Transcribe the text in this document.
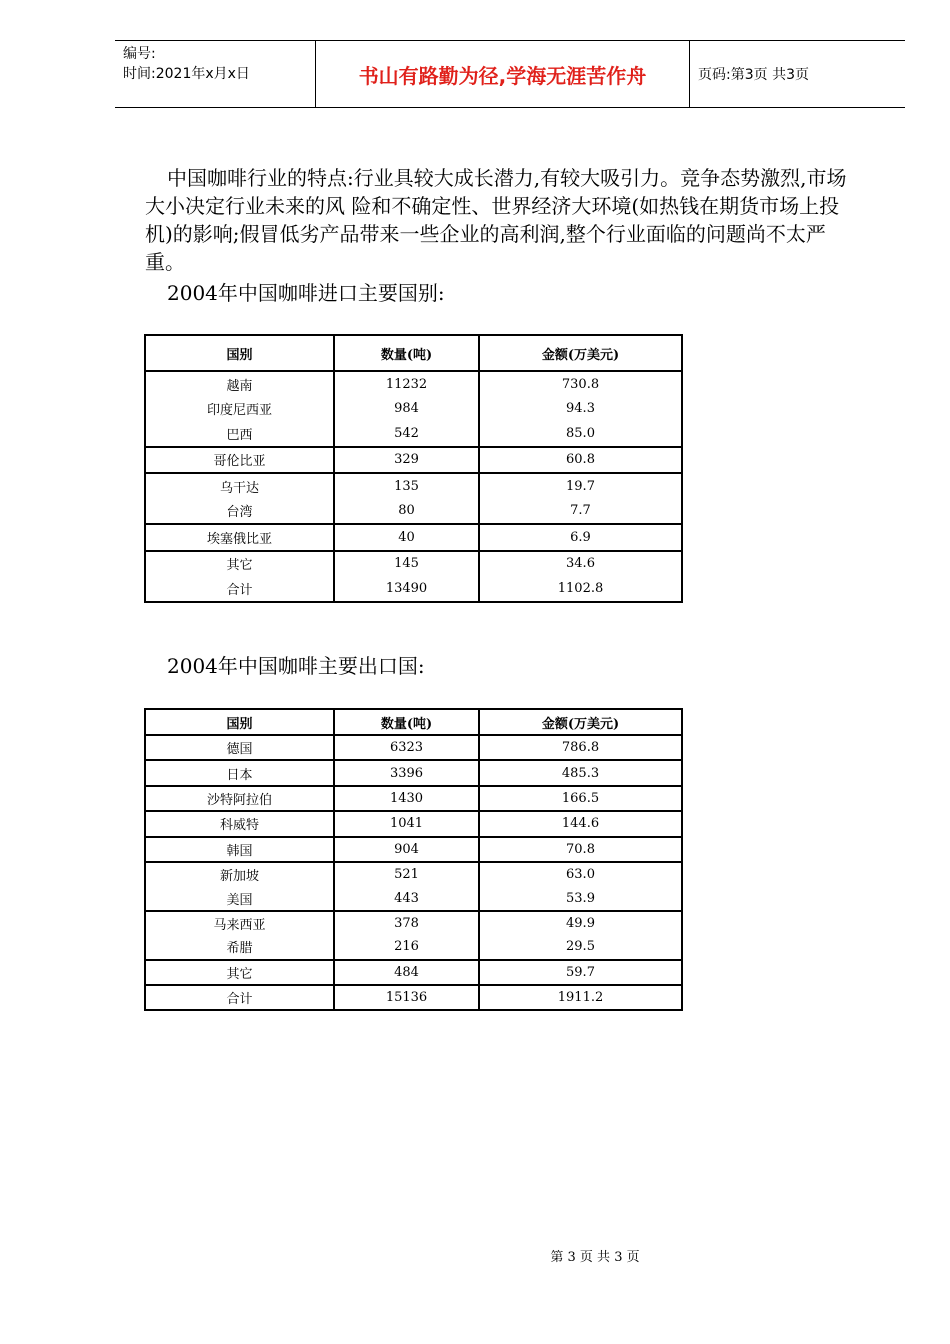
编号:
时间:2021年x月x日	书山有路勤为径,学海无涯苦作舟	页码:第3页 共3页
中国咖啡行业的特点:行业具较大成长潜力,有较大吸引力。竞争态势激烈,市场大小决定行业未来的风 险和不确定性、世界经济大环境(如热钱在期货市场上投机)的影响;假冒低劣产品带来一些企业的高利润,整个行业面临的问题尚不太严重。
2004年中国咖啡进口主要国别:
国别	数量(吨)	金额(万美元)
越南	11232	730.8
印度尼西亚	984	94.3
巴西	542	85.0
哥伦比亚	329	60.8
乌干达	135	19.7
台湾	80	7.7
埃塞俄比亚	40	6.9
其它	145	34.6
合计	13490	1102.8
2004年中国咖啡主要出口国:
国别	数量(吨)	金额(万美元)
德国	6323	786.8
日本	3396	485.3
沙特阿拉伯	1430	166.5
科威特	1041	144.6
韩国	904	70.8
新加坡	521	63.0
美国	443	53.9
马来西亚	378	49.9
希腊	216	29.5
其它	484	59.7
合计	15136	1911.2
第 3 页 共 3 页
